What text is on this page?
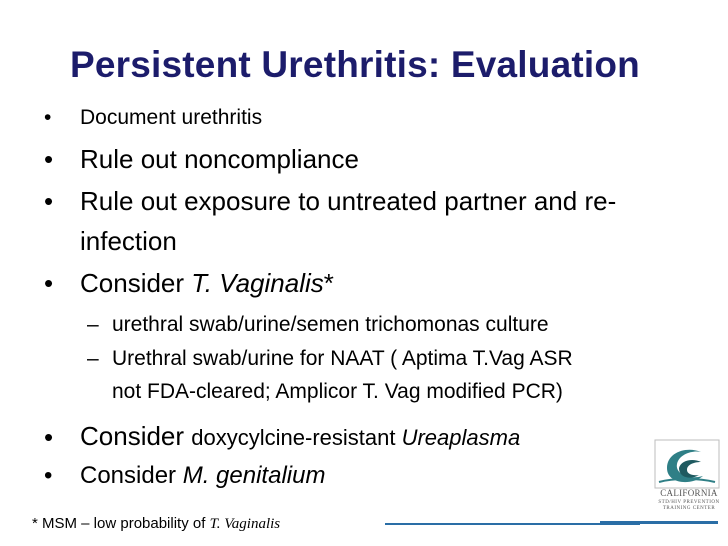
Persistent Urethritis: Evaluation
• Document urethritis
• Rule out noncompliance
• Rule out exposure to untreated partner and re-
infection
• Consider T. Vaginalis*
– urethral swab/urine/semen trichomonas culture
– Urethral swab/urine for NAAT ( Aptima T.Vag ASR
not FDA-cleared; Amplicor T. Vag modified PCR)
• Consider doxycylcine-resistant Ureaplasma
• Consider M. genitalium
* MSM – low probability of T. Vaginalis
CALIFORNIA
STD/HIV PREVENTION
TRAINING CENTER
